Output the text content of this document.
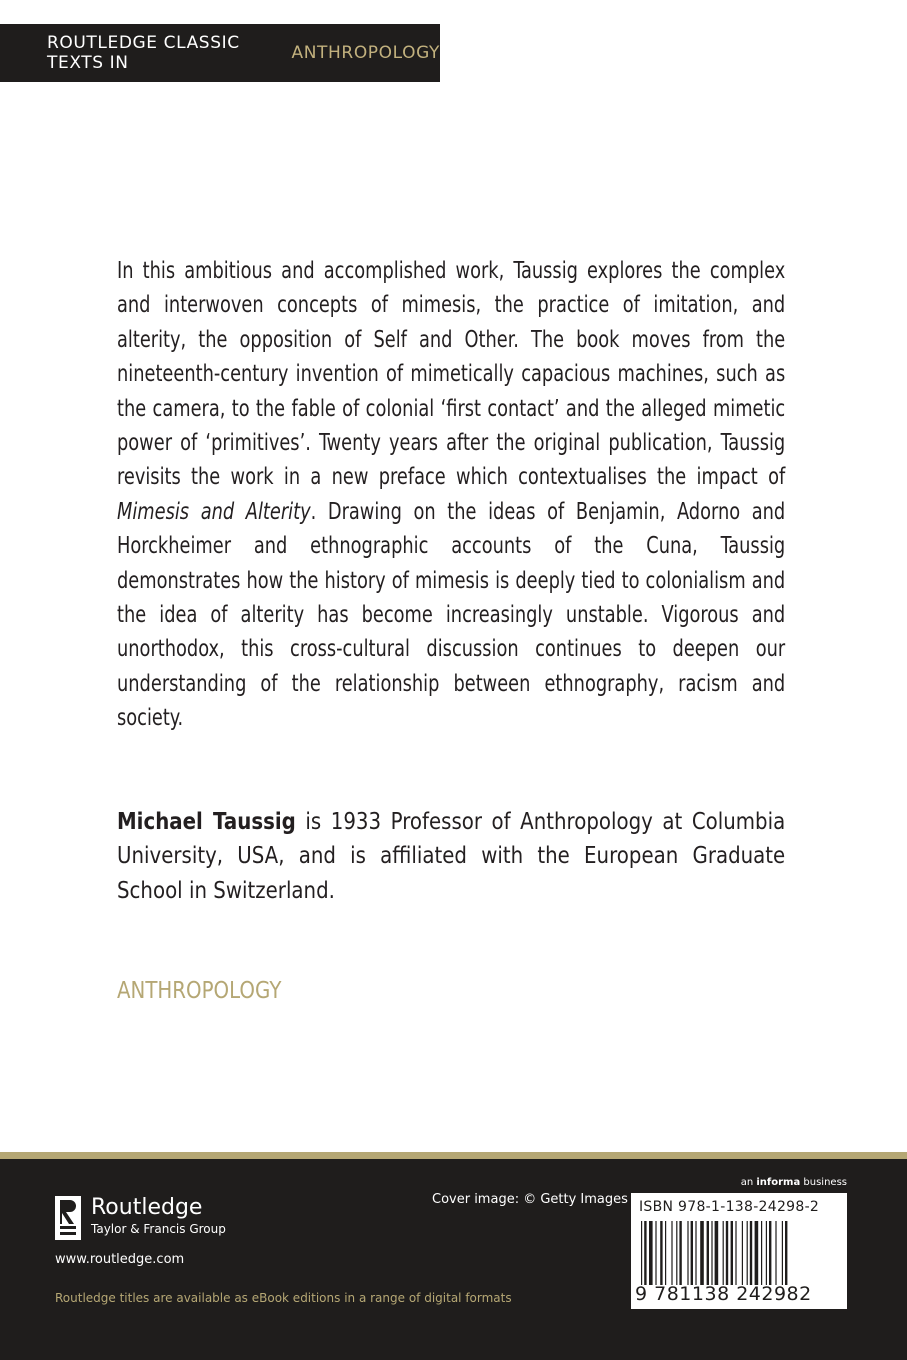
ROUTLEDGE CLASSIC TEXTS IN
	ANTHROPOLOGY

In this ambitious and accomplished work, Taussig explores the complex and interwoven concepts of mimesis, the practice of imitation, and alterity, the opposition of Self and Other. The book moves from the nineteenth-century invention of mimetically capacious machines, such as the camera, to the fable of colonial ‘first contact’ and the alleged mimetic power of ‘primitives’. Twenty years after the original publication, Taussig revisits the work in a new preface which contextualises the impact of Mimesis and Alterity. Drawing on the ideas of Benjamin, Adorno and Horckheimer and ethnographic accounts of the Cuna, Taussig demonstrates how the history of mimesis is deeply tied to colonialism and the idea of alterity has become increasingly unstable. Vigorous and unorthodox, this cross-cultural discussion continues to deepen our understanding of the relationship between ethnography, racism and society.

Michael Taussig is 1933 Professor of Anthropology at Columbia University, USA, and is affiliated with the European Graduate School in Switzerland.

ANTHROPOLOGY
Routledge
Taylor & Francis Group
www.routledge.com
Routledge titles are available as eBook editions in a range of digital formats
Cover image: © Getty Images
an informa business
ISBN 978-1-138-24298-2
9 781138 242982
